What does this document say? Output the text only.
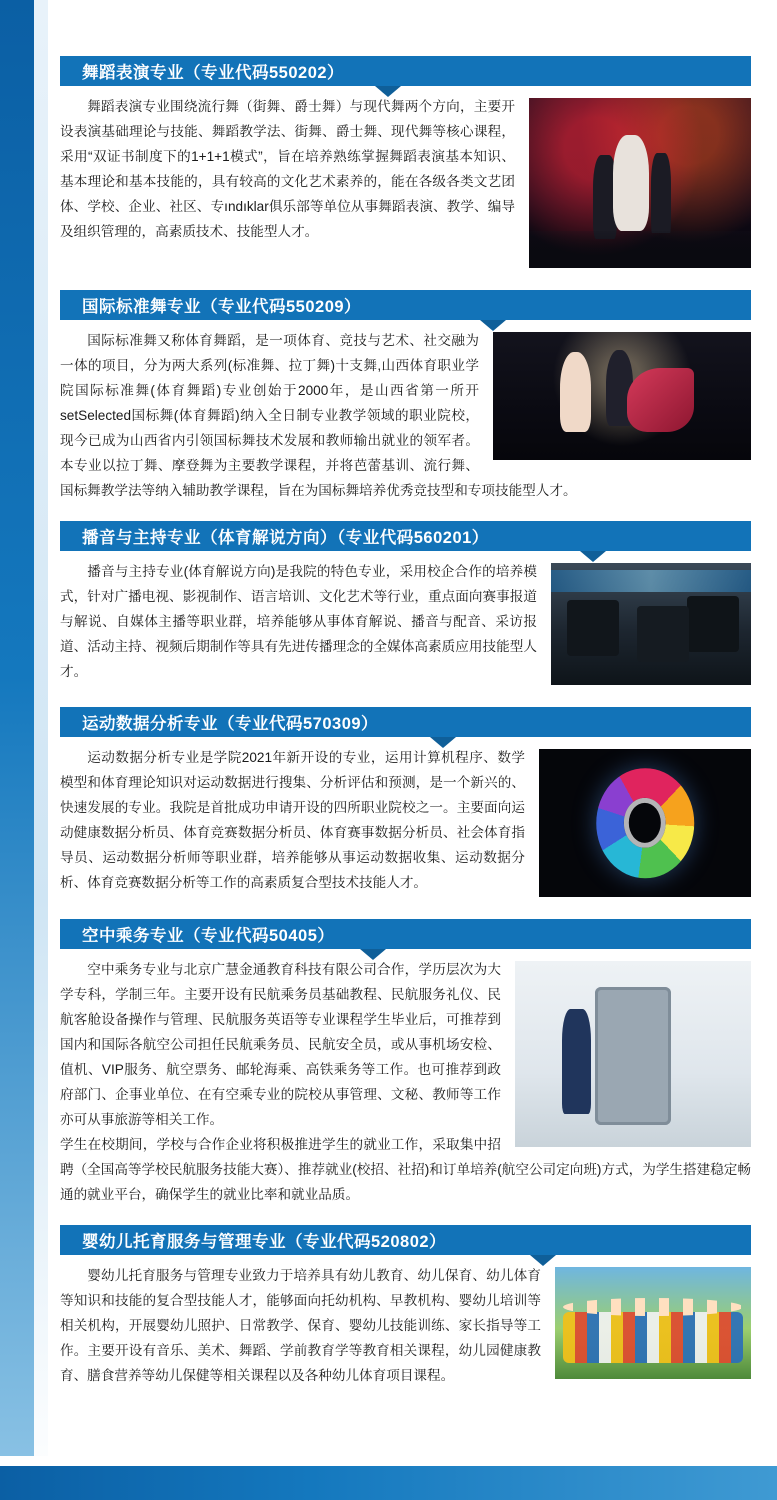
舞蹈表演专业（专业代码550202）

舞蹈表演专业围绕流行舞（街舞、爵士舞）与现代舞两个方向，主要开设表演基础理论与技能、舞蹈教学法、街舞、爵士舞、现代舞等核心课程，采用“双证书制度下的1+1+1模式”，旨在培养熟练掌握舞蹈表演基本知识、基本理论和基本技能的，具有较高的文化艺术素养的，能在各级各类文艺团体、学校、企业、社区、专ındıklar俱乐部等单位从事舞蹈表演、教学、编导及组织管理的，高素质技术、技能型人才。

国际标准舞专业（专业代码550209）

国际标准舞又称体育舞蹈，是一项体育、竞技与艺术、社交融为一体的项目，分为两大系列(标准舞、拉丁舞)十支舞,山西体育职业学院国际标准舞(体育舞蹈)专业创始于2000年，是山西省第一所开setSelected国标舞(体育舞蹈)纳入全日制专业教学领域的职业院校，现今已成为山西省内引领国标舞技术发展和教师输出就业的领军者。本专业以拉丁舞、摩登舞为主要教学课程，并将芭蕾基训、流行舞、国标舞教学法等纳入辅助教学课程，旨在为国标舞培养优秀竞技型和专项技能型人才。

播音与主持专业（体育解说方向）（专业代码560201）

播音与主持专业(体育解说方向)是我院的特色专业，采用校企合作的培养模式，针对广播电视、影视制作、语言培训、文化艺术等行业，重点面向赛事报道与解说、自媒体主播等职业群，培养能够从事体育解说、播音与配音、采访报道、活动主持、视频后期制作等具有先进传播理念的全媒体高素质应用技能型人才。

运动数据分析专业（专业代码570309）

运动数据分析专业是学院2021年新开设的专业，运用计算机程序、数学模型和体育理论知识对运动数据进行搜集、分析评估和预测，是一个新兴的、快速发展的专业。我院是首批成功申请开设的四所职业院校之一。主要面向运动健康数据分析员、体育竞赛数据分析员、体育赛事数据分析员、社会体育指导员、运动数据分析师等职业群，培养能够从事运动数据收集、运动数据分析、体育竞赛数据分析等工作的高素质复合型技术技能人才。

空中乘务专业（专业代码50405）

空中乘务专业与北京广慧金通教育科技有限公司合作，学历层次为大学专科，学制三年。主要开设有民航乘务员基础教程、民航服务礼仪、民航客舱设备操作与管理、民航服务英语等专业课程学生毕业后，可推荐到国内和国际各航空公司担任民航乘务员、民航安全员，或从事机场安检、值机、VIP服务、航空票务、邮轮海乘、高铁乘务等工作。也可推荐到政府部门、企事业单位、在有空乘专业的院校从事管理、文秘、教师等工作亦可从事旅游等相关工作。

学生在校期间，学校与合作企业将积极推进学生的就业工作，采取集中招聘（全国高等学校民航服务技能大赛）、推荐就业(校招、社招)和订单培养(航空公司定向班)方式，为学生搭建稳定畅通的就业平台，确保学生的就业比率和就业品质。

婴幼儿托育服务与管理专业（专业代码520802）

婴幼儿托育服务与管理专业致力于培养具有幼儿教育、幼儿保育、幼儿体育等知识和技能的复合型技能人才，能够面向托幼机构、早教机构、婴幼儿培训等相关机构，开展婴幼儿照护、日常教学、保育、婴幼儿技能训练、家长指导等工作。主要开设有音乐、美术、舞蹈、学前教育学等教育相关课程，幼儿园健康教育、膳食营养等幼儿保健等相关课程以及各种幼儿体育项目课程。
